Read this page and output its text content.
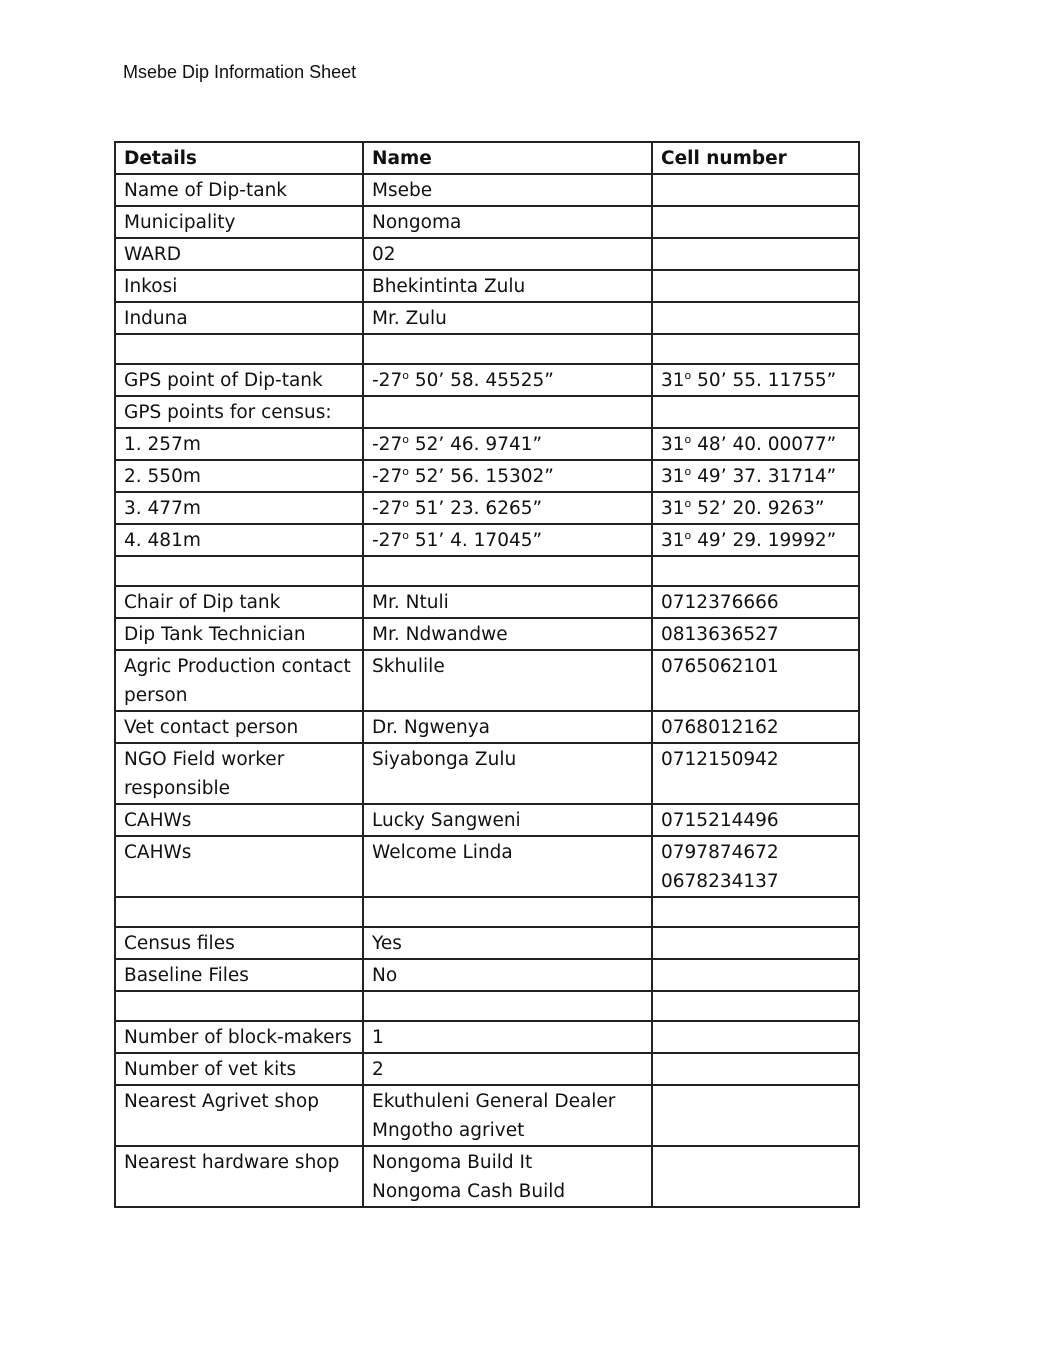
Msebe Dip Information Sheet
Details	Name	Cell number
Name of Dip-tank	Msebe	
Municipality	Nongoma	
WARD	02	
Inkosi	Bhekintinta Zulu	
Induna	Mr. Zulu	

GPS point of Dip-tank	-27$^o$ 50’ 58. 45525”	31$^o$ 50’ 55. 11755”
GPS points for census:		
1. 257m	-27$^o$ 52’ 46. 9741”	31$^o$ 48’ 40. 00077”
2. 550m	-27$^o$ 52’ 56. 15302”	31$^o$ 49’ 37. 31714”
3. 477m	-27$^o$ 51’ 23. 6265”	31$^o$ 52’ 20. 9263”
4. 481m	-27$^o$ 51’ 4. 17045”	31$^o$ 49’ 29. 19992”

Chair of Dip tank	Mr. Ntuli	0712376666
Dip Tank Technician	Mr. Ndwandwe	0813636527
Agric Production contact person	Skhulile	0765062101
Vet contact person	Dr. Ngwenya	0768012162
NGO Field worker responsible	Siyabonga Zulu	0712150942
CAHWs	Lucky Sangweni	0715214496
CAHWs	Welcome Linda	0797874672
0678234137

Census files	Yes	
Baseline Files	No	

Number of block-makers	1	
Number of vet kits	2	
Nearest Agrivet shop	Ekuthuleni General Dealer
Mngotho agrivet	

Nearest hardware shop	Nongoma Build It
Nongoma Cash Build	
